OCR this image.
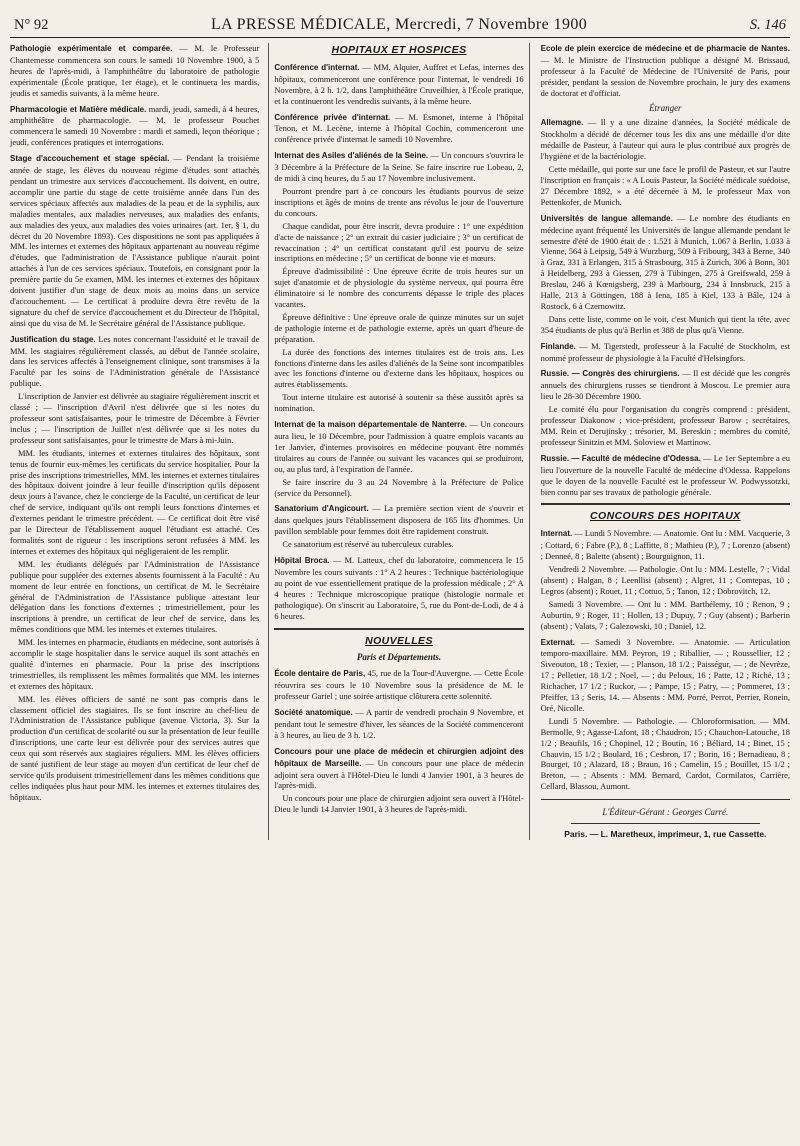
N° 92	LA PRESSE MÉDICALE, Mercredi, 7 Novembre 1900	S. 146

Pathologie expérimentale et comparée. — M. le Professeur Chantemesse commencera son cours le samedi 10 Novembre 1900, à 5 heures de l'après-midi, à l'amphithéâtre du laboratoire de pathologie expérimentale (École pratique, 1er étage), et le continuera les mardis, jeudis et samedis suivants, à la même heure.

Pharmacologie et Matière médicale. mardi, jeudi, samedi, à 4 heures, amphithéâtre de pharmacologie. — M. le professeur Pouchet commencera le samedi 10 Novembre : mardi et samedi, leçon théorique ; jeudi, conférences pratiques et interrogations.

Stage d'accouchement et stage spécial. — Pendant la troisième année de stage, les élèves du nouveau régime d'études sont attachés pendant un trimestre aux services d'accouchement. Ils doivent, en outre, accomplir une partie du stage de cette troisième année dans l'un des services spéciaux affectés aux maladies de la peau et de la syphilis, aux maladies mentales, aux maladies nerveuses, aux maladies des enfants, aux maladies des yeux, aux maladies des voies urinaires (art. 1er, § 1, du décret du 20 Novembre 1893). Ces dispositions ne sont pas appliquées à MM. les internes et externes des hôpitaux appartenant au nouveau régime d'études, que l'administration de l'Assistance publique n'aurait point attachés à l'un de ces services spéciaux. Toutefois, en consignant pour la première partie du 5e examen, MM. les internes et externes des hôpitaux doivent justifier d'un stage de deux mois au moins dans un service d'accouchement. — Le certificat à produire devra être revêtu de la signature du chef de service d'accouchement et du Directeur de l'hôpital, ainsi que du visa de M. le Secrétaire général de l'Assistance publique.

Justification du stage. Les notes concernant l'assiduité et le travail de MM. les stagiaires régulièrement classés, au début de l'année scolaire, dans les services affectés à l'enseignement clinique, sont transmises à la Faculté par les soins de l'Administration générale de l'Assistance publique.

L'inscription de Janvier est délivrée au stagiaire régulièrement inscrit et classé ; — l'inscription d'Avril n'est délivrée que si les notes du professeur sont satisfaisantes, pour le trimestre de Décembre à Février inclus ; — l'inscription de Juillet n'est délivrée que si les notes du professeur sont satisfaisantes, pour le trimestre de Mars à mi-Juin.

MM. les étudiants, internes et externes titulaires des hôpitaux, sont tenus de fournir eux-mêmes les certificats du service hospitalier. Pour la prise des inscriptions trimestrielles, MM. les internes et externes titulaires des hôpitaux doivent joindre à leur feuille d'inscription qu'ils déposent deux jours à l'avance, chez le concierge de la Faculté, un certificat de leur chef de service, indiquant qu'ils ont rempli leurs fonctions d'internes et d'externes pendant le trimestre précédent. — Ce certificat doit être visé par le Directeur de l'établissement auquel l'étudiant est attaché. Ces formalités sont de rigueur : les inscriptions seront refusées à MM. les internes et externes des hôpitaux qui négligeraient de les remplir.

MM. les étudiants délégués par l'Administration de l'Assistance publique pour suppléer des externes absents fournissent à la Faculté : Au moment de leur entrée en fonctions, un certificat de M. le Secrétaire général de l'Administration de l'Assistance publique attestant leur délégation dans les fonctions d'externes ; trimestriellement, pour les inscriptions à prendre, un certificat de leur chef de service, dans les mêmes conditions que MM. les internes et externes titulaires.

MM. les internes en pharmacie, étudiants en médecine, sont autorisés à accomplir le stage hospitalier dans le service auquel ils sont attachés en qualité d'internes en pharmacie. Pour la prise des inscriptions trimestrielles, ils remplissent les mêmes formalités que MM. les internes et externes des hôpitaux.

MM. les élèves officiers de santé ne sont pas compris dans le classement officiel des stagiaires. Ils se font inscrire au chef-lieu de l'Administration de l'Assistance publique (avenue Victoria, 3). Sur la production d'un certificat de scolarité ou sur la présentation de leur feuille d'inscriptions, une carte leur est délivrée pour des services autres que ceux qui sont réservés aux stagiaires réguliers. MM. les élèves officiers de santé justifient de leur stage au moyen d'un certificat de leur chef de service qu'ils produisent trimestriellement dans les mêmes conditions que celles indiquées plus haut pour MM. les internes et externes titulaires des hôpitaux.

HOPITAUX ET HOSPICES

Conférence d'internat. — MM. Alquier, Auffret et Lefas, internes des hôpitaux, commenceront une conférence pour l'internat, le vendredi 16 Novembre, à 2 h. 1/2, dans l'amphithéâtre Cruveilhier, à l'École pratique, et la continueront les vendredis suivants, à la même heure.

Conférence privée d'internat. — M. Esmonet, interne à l'hôpital Tenon, et M. Lecène, interne à l'hôpital Cochin, commenceront une conférence privée d'internat le samedi 10 Novembre.

Internat des Asiles d'aliénés de la Seine. — Un concours s'ouvrira le 3 Décembre à la Préfecture de la Seine. Se faire inscrire rue Lobeau, 2, de midi à cinq heures, du 5 au 17 Novembre inclusivement.

Pourront prendre part à ce concours les étudiants pourvus de seize inscriptions et âgés de moins de trente ans révolus le jour de l'ouverture du concours.

Chaque candidat, pour être inscrit, devra produire : 1° une expédition d'acte de naissance ; 2° un extrait du casier judiciaire ; 3° un certificat de revaccination ; 4° un certificat constatant qu'il est pourvu de seize inscriptions en médecine ; 5° un certificat de bonne vie et mœurs.

Épreuve d'admissibilité : Une épreuve écrite de trois heures sur un sujet d'anatomie et de physiologie du système nerveux, qui pourra être éliminatoire si le nombre des concurrents dépasse le triple des places vacantes.

Épreuve définitive : Une épreuve orale de quinze minutes sur un sujet de pathologie interne et de pathologie externe, après un quart d'heure de préparation.

La durée des fonctions des internes titulaires est de trois ans. Les fonctions d'interne dans les asiles d'aliénés de la Seine sont incompatibles avec les fonctions d'interne ou d'externe dans les hôpitaux, hospices ou autres établissements.

Tout interne titulaire est autorisé à soutenir sa thèse aussitôt après sa nomination.

Internat de la maison départementale de Nanterre. — Un concours aura lieu, le 10 Décembre, pour l'admission à quatre emplois vacants au 1er Janvier, d'internes provisoires en médecine pouvant être nommés titulaires au cours de l'année ou suivant les vacances qui se produiront, ou, au plus tard, à l'expiration de l'année.

Se faire inscrire du 3 au 24 Novembre à la Préfecture de Police (service du Personnel).

Sanatorium d'Angicourt. — La première section vient de s'ouvrir et dans quelques jours l'établissement disposera de 165 lits d'hommes. Un pavillon semblable pour femmes doit être rapidement construit.

Ce sanatorium est réservé au tuberculeux curables.

Hôpital Broca. — M. Latteux, chef du laboratoire, commencera le 15 Novembre les cours suivants : 1° A 2 heures : Technique bactériologique au point de vue essentiellement pratique de la profession médicale ; 2° A 4 heures : Technique microscopique pratique (histologie normale et pathologique). On s'inscrit au Laboratoire, 5, rue du Pont-de-Lodi, de 4 à 6 heures.

NOUVELLES
Paris et Départements.

École dentaire de Paris, 45, rue de la Tour-d'Auvergne. — Cette École réouvrira ses cours le 10 Novembre sous la présidence de M. le professeur Gariel ; une soirée artistique clôturera cette solennité.

Société anatomique. — A partir de vendredi prochain 9 Novembre, et pendant tout le semestre d'hiver, les séances de la Société commenceront à 3 heures, au lieu de 3 h. 1/2.

Concours pour une place de médecin et chirurgien adjoint des hôpitaux de Marseille. — Un concours pour une place de médecin adjoint sera ouvert à l'Hôtel-Dieu le lundi 4 Janvier 1901, à 3 heures de l'après-midi.

Un concours pour une place de chirurgien adjoint sera ouvert à l'Hôtel-Dieu le lundi 14 Janvier 1901, à 3 heures de l'après-midi.

Ecole de plein exercice de médecine et de pharmacie de Nantes. — M. le Ministre de l'Instruction publique a désigné M. Brissaud, professeur à la Faculté de Médecine de l'Université de Paris, pour présider, pendant la session de Novembre prochain, le jury des examens de doctorat et d'officiat.

Étranger

Allemagne. — Il y a une dizaine d'années, la Société médicale de Stockholm a décidé de décerner tous les dix ans une médaille d'or dite médaille de Pasteur, à l'auteur qui aura le plus contribué aux progrès de l'hygiène et de la bactériologie.

Cette médaille, qui porte sur une face le profil de Pasteur, et sur l'autre l'inscription en français : « A Louis Pasteur, la Société médicale suédoise, 27 Décembre 1892, » a été décernée à M. le professeur Max von Pettenkofer, de Munich.

Universités de langue allemande. — Le nombre des étudiants en médecine ayant fréquenté les Universités de langue allemande pendant le semestre d'été de 1900 était de : 1.521 à Munich, 1.067 à Berlin, 1.033 à Vienne, 564 à Leipsig, 549 à Wurzburg, 509 à Fribourg, 343 à Berne, 340 à Graz, 331 à Erlangen, 315 à Strasbourg, 315 à Zurich, 306 à Bonn, 301 à Heidelberg, 293 à Giessen, 279 à Tübingen, 275 à Greifswald, 259 à Breslau, 246 à Kœnigsberg, 239 à Marbourg, 234 à Innsbruck, 215 à Halle, 213 à Göttingen, 188 à Iena, 185 à Kiel, 133 à Bâle, 124 à Rostock, 6 à Czernowitz.

Dans cette liste, comme on le voit, c'est Munich qui tient la tête, avec 354 étudiants de plus qu'à Berlin et 388 de plus qu'à Vienne.

Finlande. — M. Tigerstedt, professeur à la Faculté de Stockholm, est nommé professeur de physiologie à la Faculté d'Helsingfors.

Russie. — Congrès des chirurgiens. — Il est décidé que les congrès annuels des chirurgiens russes se tiendront à Moscou. Le premier aura lieu le 28-30 Décembre 1900.

Le comité élu pour l'organisation du congrès comprend : président, professeur Diakonow ; vice-président, professeur Barow ; secrétaires, MM. Rein et Derujinsky ; trésorier, M. Bereskin ; membres du comité, professeur Sinitzin et MM. Soloview et Martinow.

Russie. — Faculté de médecine d'Odessa. — Le 1er Septembre a eu lieu l'ouverture de la nouvelle Faculté de médecine d'Odessa. Rappelons que le doyen de la nouvelle Faculté est le professeur W. Podwyssotzki, bien connu par ses travaux de pathologie générale.

CONCOURS DES HOPITAUX

Internat. — Lundi 5 Novembre. — Anatomie. Ont lu : MM. Vacquerie, 3 ; Cottard, 6 ; Fabre (P.), 8 ; Laffitte, 8 ; Mathieu (P.), 7 ; Lorenzo (absent) ; Denneé, 8 ; Balette (absent) ; Bourguignon, 11.

Vendredi 2 Novembre. — Pathologie. Ont lu : MM. Lestelle, 7 ; Vidal (absent) ; Halgan, 8 ; Leenllisi (absent) ; Algret, 11 ; Comtepas, 10 ; Legros (absent) ; Rouet, 11 ; Cottuo, 5 ; Tanon, 12 ; Dobrovitch, 12.

Samedi 3 Novembre. — Ont lu : MM. Barthélemy, 10 ; Renon, 9 ; Auburtin, 9 ; Roger, 11 ; Hollen, 13 ; Dupuy, 7 ; Guy (absent) ; Barberin (absent) ; Valats, 7 ; Galezowski, 10 ; Daniel, 12.

Externat. — Samedi 3 Novembre. — Anatomie. — Articulation temporo-maxillaire. MM. Peyron, 19 ; Riballier, — ; Roussellier, 12 ; Siveouton, 18 ; Texier, — ; Planson, 18 1/2 ; Paisségur, — ; de Nevrèze, 17 ; Pelletier, 18 1/2 ; Noel, — ; du Peloux, 16 ; Patte, 12 ; Riché, 13 ; Richacher, 17 1/2 ; Ruckor, — ; Pampe, 15 ; Patry, — ; Pommeret, 13 ; Pfeiffer, 13 ; Seris, 14. — Absents : MM. Porré, Perrot, Perrier, Ronein, Oré, Nicolle.

Lundi 5 Novembre. — Pathologie. — Chloroformisation. — MM. Bermolle, 9 ; Agasse-Lafont, 18 ; Chaudron, 15 ; Chauchon-Latouche, 18 1/2 ; Beaufils, 16 ; Chopinel, 12 ; Boutin, 16 ; Béliard, 14 ; Binet, 15 ; Chauvin, 15 1/2 ; Boulard, 16 ; Cesbron, 17 ; Borin, 16 ; Bernadieau, 8 ; Bourget, 10 ; Alazard, 18 ; Braun, 16 ; Camelin, 15 ; Bouillet, 15 1/2 ; Breton, — ; Absents : MM. Bernard, Cardot, Cormilatos, Carrière, Cellard, Blassou, Aumont.

L'Éditeur-Gérant : Georges Carré.
Paris. — L. Maretheux, imprimeur, 1, rue Cassette.
